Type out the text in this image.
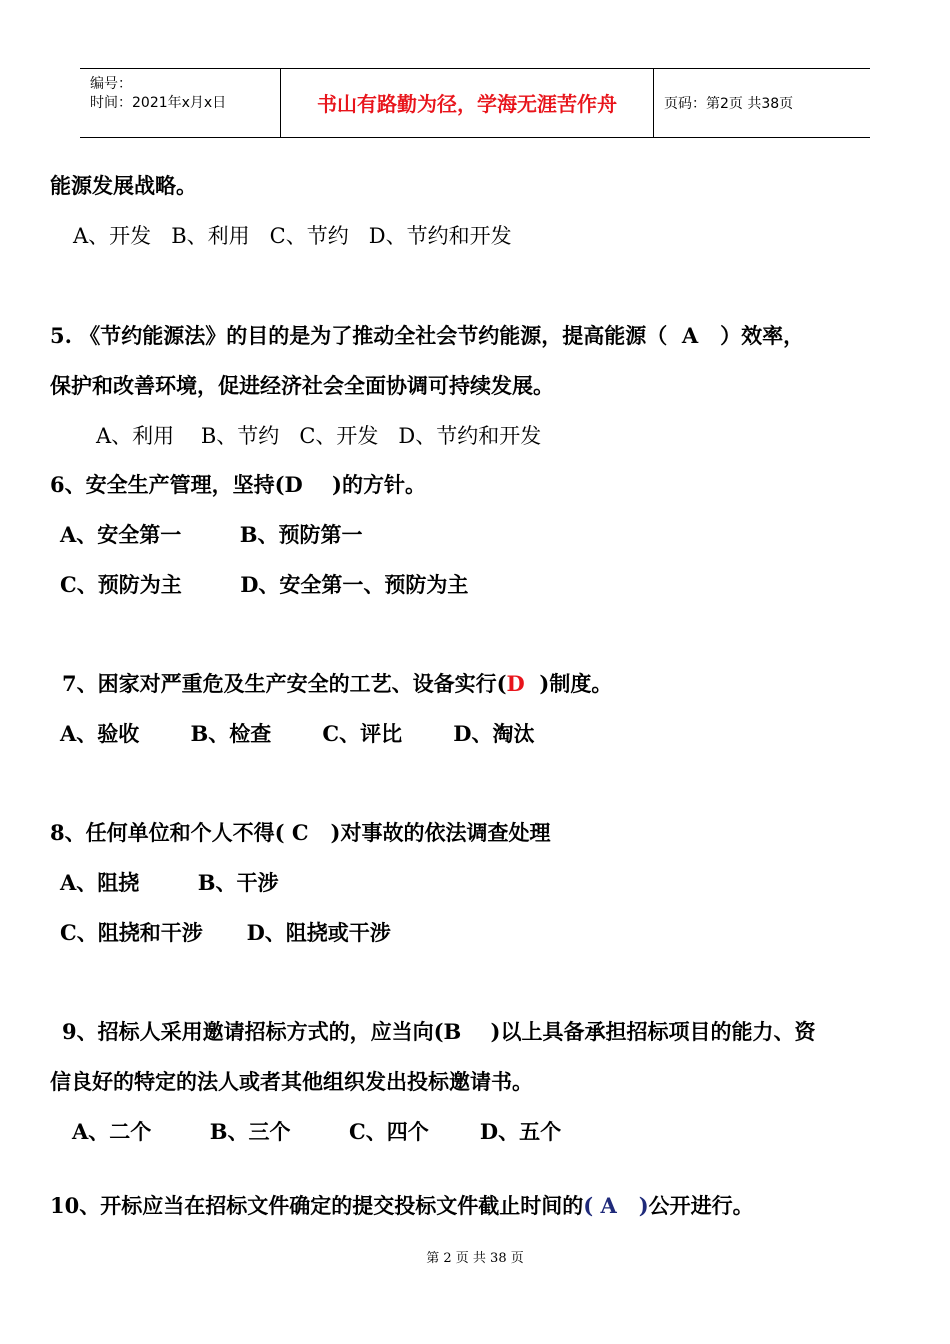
编号：
时间：2021年x月x日	书山有路勤为径，学海无涯苦作舟	页码：第2页 共38页
能源发展战略。
A、开发   B、利用   C、节约   D、节约和开发
5. 《节约能源法》的目的是为了推动全社会节约能源，提高能源（  A   ）效率，
保护和改善环境，促进经济社会全面协调可持续发展。
A、利用    B、节约   C、开发   D、节约和开发
6、安全生产管理，坚持(D    )的方针。
A、安全第一        B、预防第一
C、预防为主        D、安全第一、预防为主
7、困家对严重危及生产安全的工艺、设备实行(D  )制度。
A、验收       B、检查       C、评比       D、淘汰
8、任何单位和个人不得( C   )对事故的依法调查处理
A、阻挠        B、干涉
C、阻挠和干涉      D、阻挠或干涉
9、招标人采用邀请招标方式的，应当向(B    )以上具备承担招标项目的能力、资
信良好的特定的法人或者其他组织发出投标邀请书。
A、二个        B、三个        C、四个       D、五个
10、开标应当在招标文件确定的提交投标文件截止时间的( A   )公开进行。
第 2 页 共 38 页
